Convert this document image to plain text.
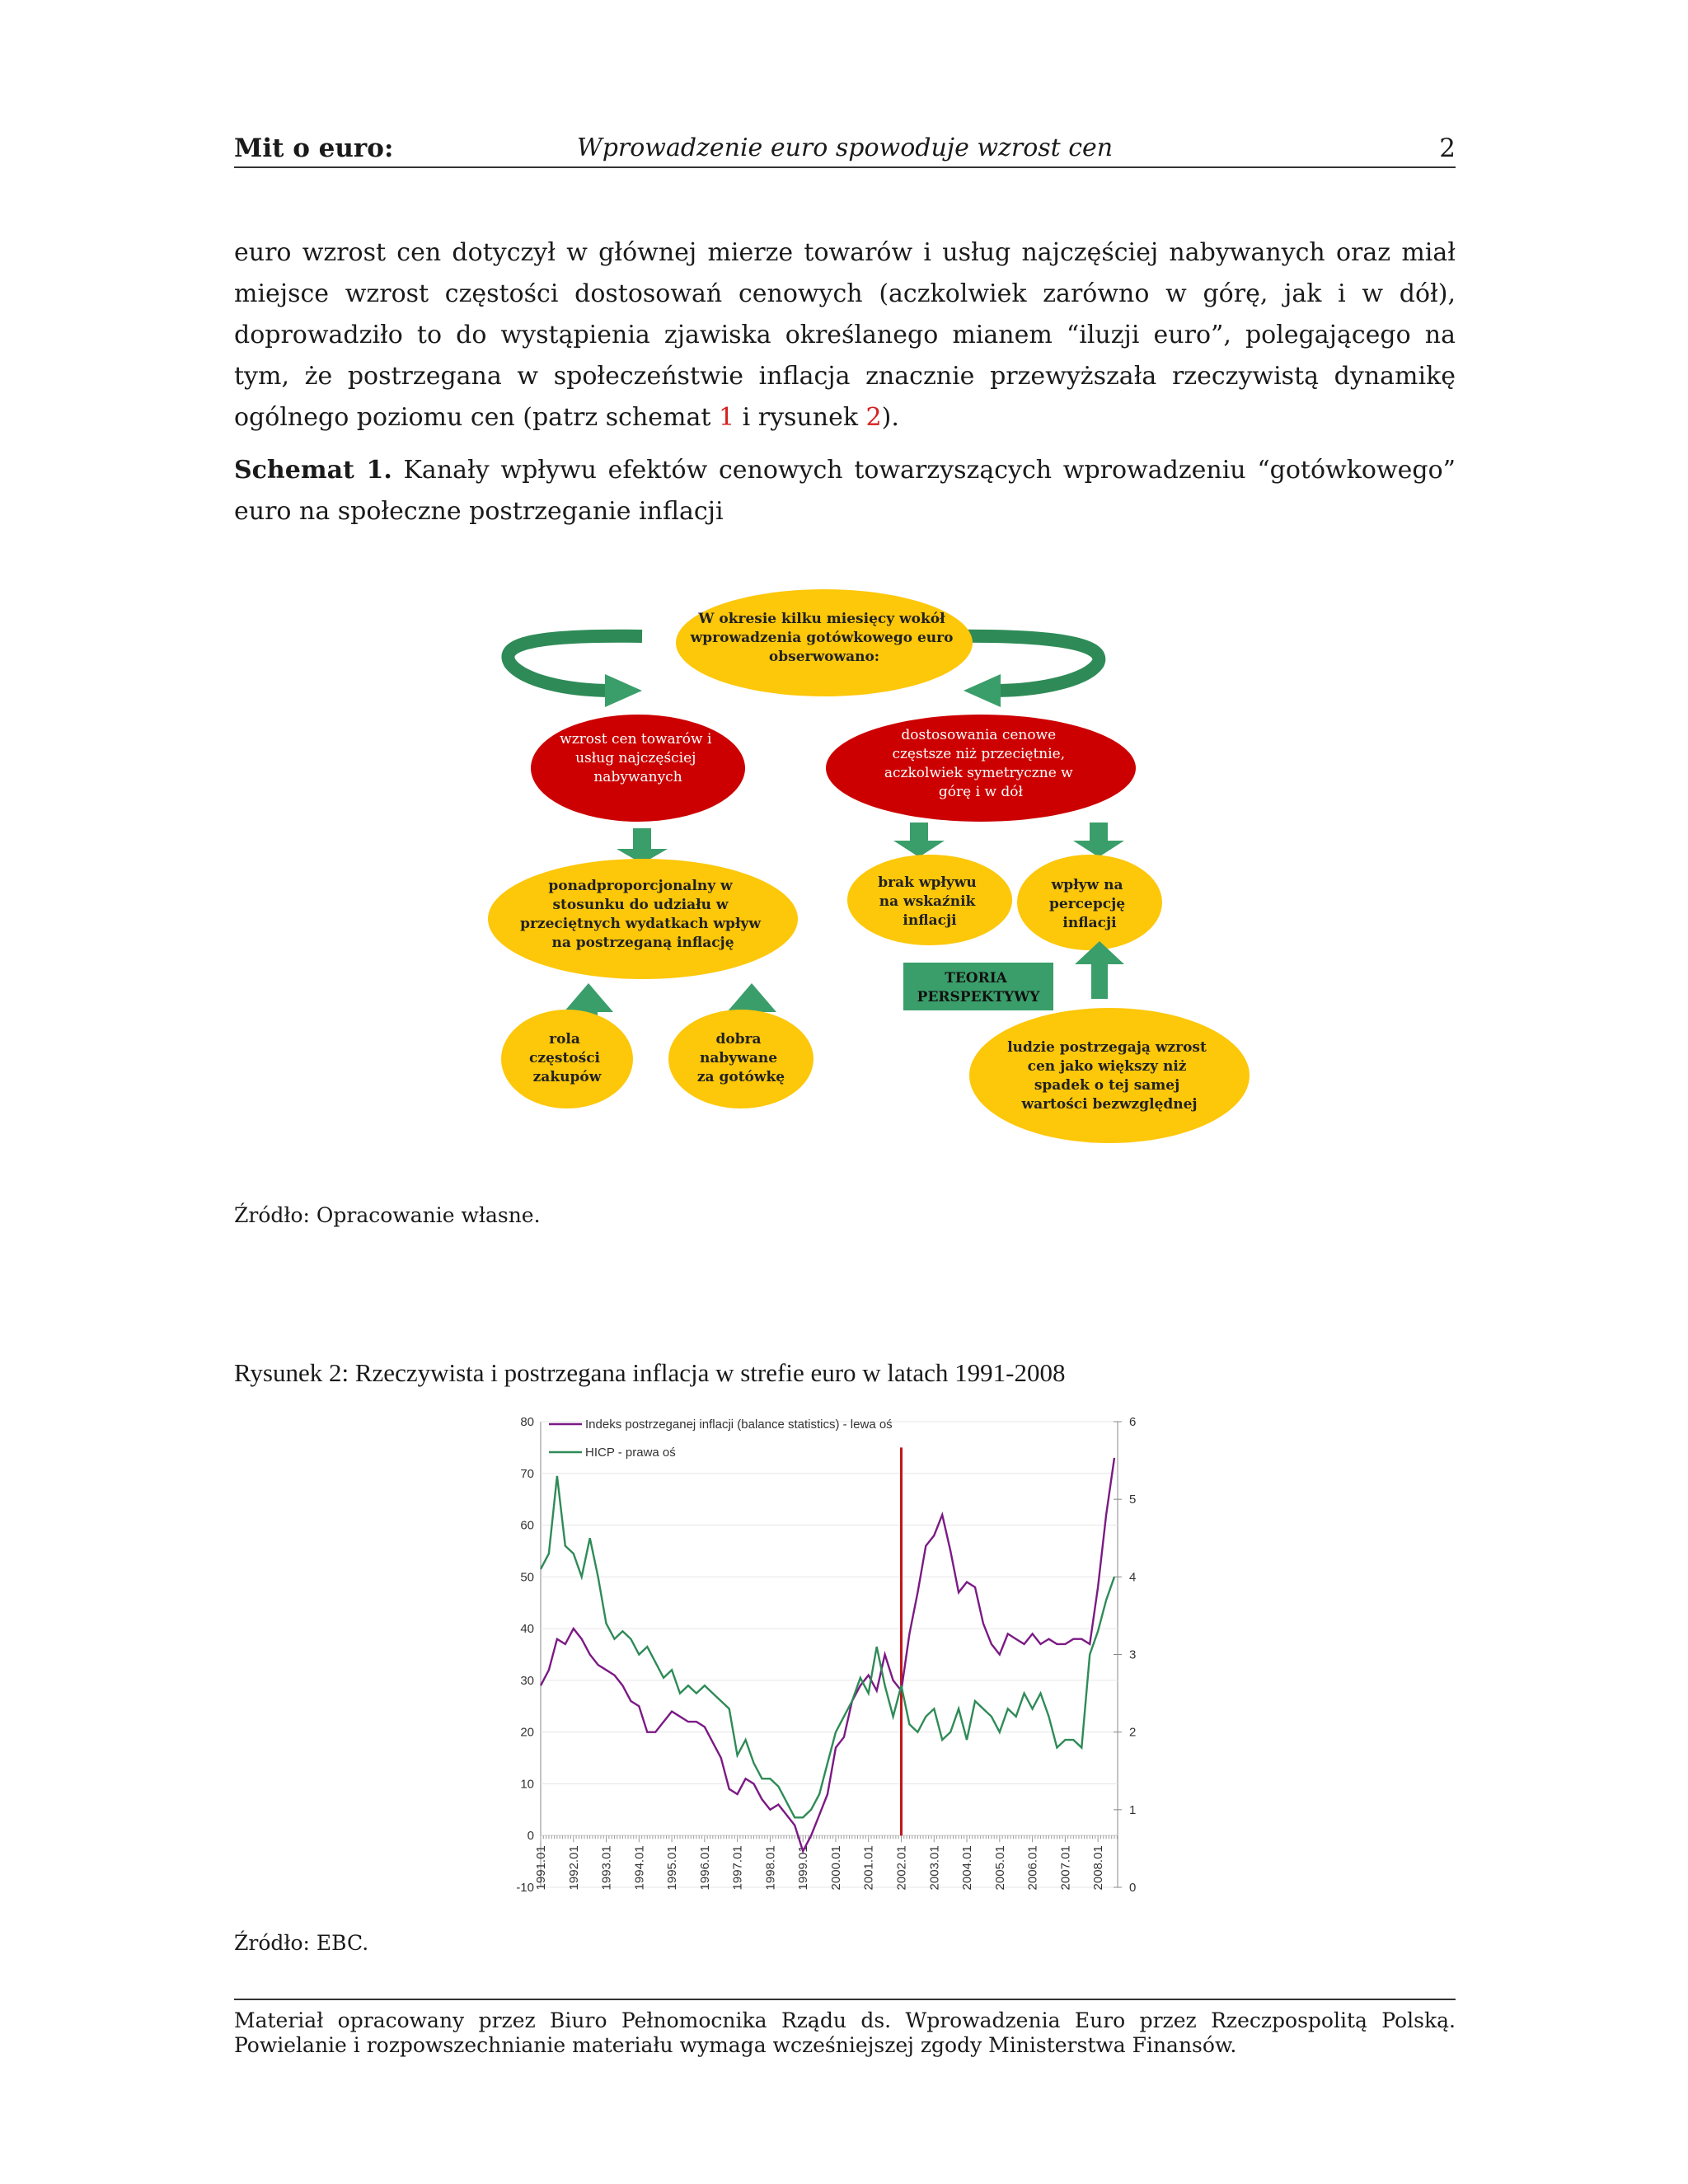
Mit o euro:	Wprowadzenie euro spowoduje wzrost cen	2

euro wzrost cen dotyczył w głównej mierze towarów i usług najczęściej nabywanych oraz miał miejsce wzrost częstości dostosowań cenowych (aczkolwiek zarówno w górę, jak i w dół), doprowadziło to do wystąpienia zjawiska określanego mianem “iluzji euro”, polegającego na tym, że postrzegana w społeczeństwie inflacja znacznie przewyższała rzeczywistą dynamikę ogólnego poziomu cen (patrz schemat 1 i rysunek 2).

Schemat 1. Kanały wpływu efektów cenowych towarzyszących wprowadzeniu “gotówkowego” euro na społeczne postrzeganie inflacji

W okresie kilku miesięcy wokół wprowadzenia gotówkowego euro obserwowano:
wzrost cen towarów i usług najczęściej nabywanych
dostosowania cenowe częstsze niż przeciętnie, aczkolwiek symetryczne w górę i w dół
ponadproporcjonalny w stosunku do udziału w przeciętnych wydatkach wpływ na postrzeganą inflację
brak wpływu na wskaźnik inflacji
wpływ na percepcję inflacji
TEORIA PERSPEKTYWY
rola częstości zakupów
dobra nabywane za gotówkę
ludzie postrzegają wzrost cen jako większy niż spadek o tej samej wartości bezwzględnej
Źródło: Opracowanie własne.
Rysunek 2: Rzeczywista i postrzegana inflacja w strefie euro w latach 1991-2008
-10
0
10
20
30
40
50
60
70
80
0
1
2
3
4
5
6
1991.01 1992.01 1993.01 1994.01 1995.01 1996.01 1997.01 1998.01 1999.01 2000.01 2001.01 2002.01 2003.01 2004.01 2005.01 2006.01 2007.01 2008.01
Indeks postrzeganej inflacji (balance statistics) - lewa oś
HICP - prawa oś
Źródło: EBC.
Materiał opracowany przez Biuro Pełnomocnika Rządu ds. Wprowadzenia Euro przez Rzeczpospolitą Polską. Powielanie i rozpowszechnianie materiału wymaga wcześniejszej zgody Ministerstwa Finansów.
